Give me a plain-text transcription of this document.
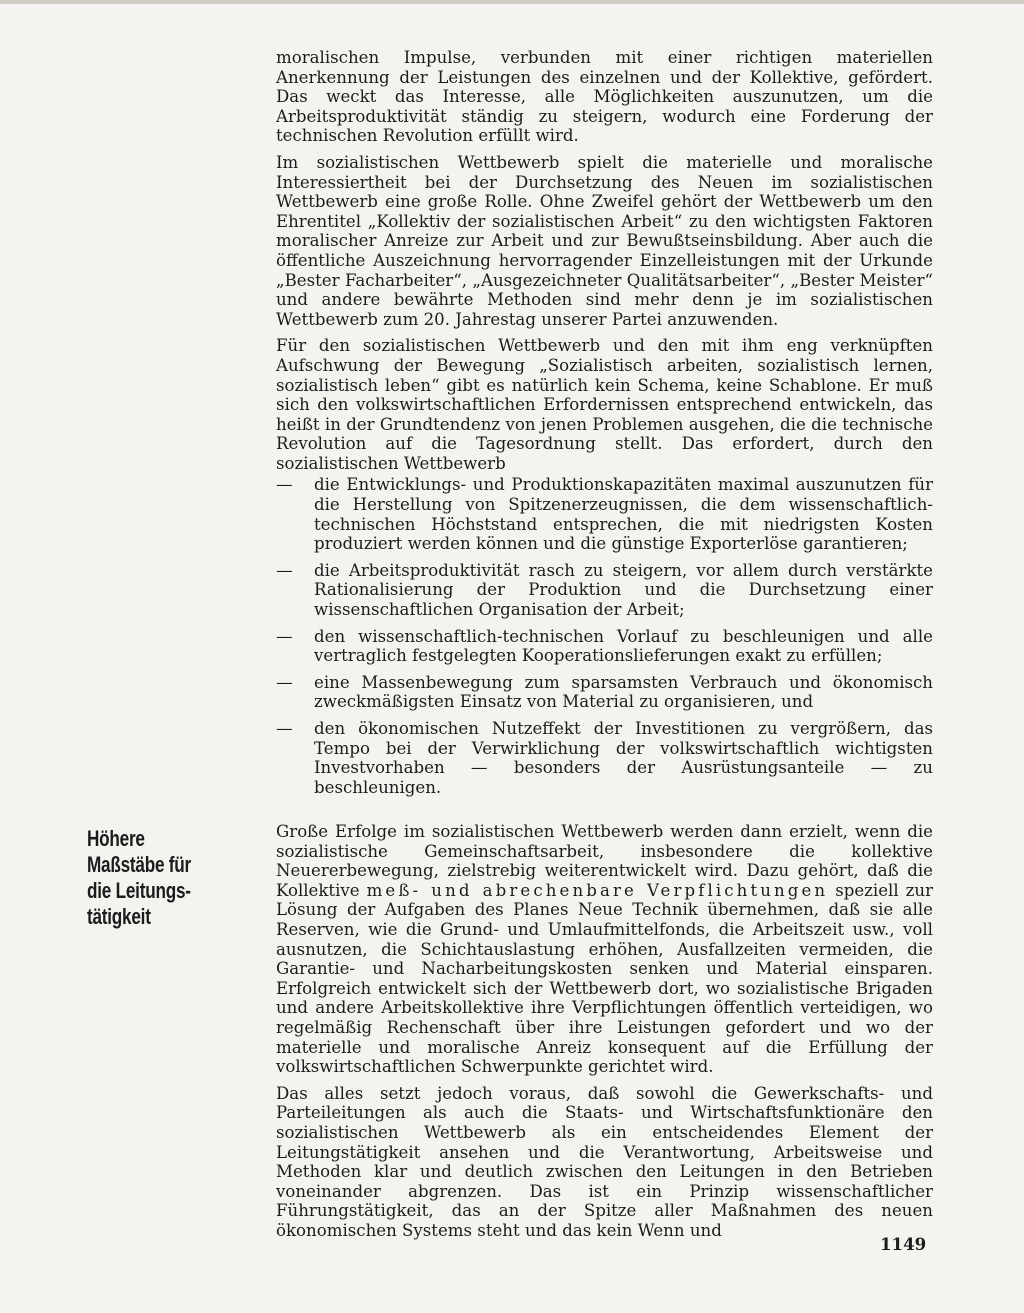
moralischen Impulse, verbunden mit einer richtigen materiellen Anerkennung der Leistungen des einzelnen und der Kollektive, gefördert. Das weckt das Interesse, alle Möglichkeiten auszunutzen, um die Arbeitsproduktivität ständig zu steigern, wodurch eine Forderung der technischen Revolution erfüllt wird.

Im sozialistischen Wettbewerb spielt die materielle und moralische Interessiertheit bei der Durchsetzung des Neuen im sozialistischen Wettbewerb eine große Rolle. Ohne Zweifel gehört der Wettbewerb um den Ehrentitel „Kollektiv der sozialistischen Arbeit“ zu den wichtigsten Faktoren moralischer Anreize zur Arbeit und zur Bewußtseinsbildung. Aber auch die öffentliche Auszeichnung hervorragender Einzelleistungen mit der Urkunde „Bester Facharbeiter“, „Ausgezeichneter Qualitätsarbeiter“, „Bester Meister“ und andere bewährte Methoden sind mehr denn je im sozialistischen Wettbewerb zum 20. Jahrestag unserer Partei anzuwenden.

Für den sozialistischen Wettbewerb und den mit ihm eng verknüpften Aufschwung der Bewegung „Sozialistisch arbeiten, sozialistisch lernen, sozialistisch leben“ gibt es natürlich kein Schema, keine Schablone. Er muß sich den volkswirtschaftlichen Erfordernissen entsprechend entwickeln, das heißt in der Grundtendenz von jenen Problemen ausgehen, die die technische Revolution auf die Tagesordnung stellt. Das erfordert, durch den sozialistischen Wettbewerb

—	die Entwicklungs- und Produktionskapazitäten maximal auszunutzen für die Herstellung von Spitzenerzeugnissen, die dem wissenschaftlich-technischen Höchststand entsprechen, die mit niedrigsten Kosten produziert werden können und die günstige Exporterlöse garantieren;
—	die Arbeitsproduktivität rasch zu steigern, vor allem durch verstärkte Rationalisierung der Produktion und die Durchsetzung einer wissenschaftlichen Organisation der Arbeit;
—	den wissenschaftlich-technischen Vorlauf zu beschleunigen und alle vertraglich festgelegten Kooperationslieferungen exakt zu erfüllen;
—	eine Massenbewegung zum sparsamsten Verbrauch und ökonomisch zweckmäßigsten Einsatz von Material zu organisieren, und
—	den ökonomischen Nutzeffekt der Investitionen zu vergrößern, das Tempo bei der Verwirklichung der volkswirtschaftlich wichtigsten Investvorhaben — besonders der Ausrüstungsanteile — zu beschleunigen.
Höhere
Maßstäbe für
die Leitungs-
tätigkeit

Große Erfolge im sozialistischen Wettbewerb werden dann erzielt, wenn die sozialistische Gemeinschaftsarbeit, insbesondere die kollektive Neuererbewegung, zielstrebig weiterentwickelt wird. Dazu gehört, daß die Kollektive meß- und abrechenbare Verpflichtungen speziell zur Lösung der Aufgaben des Planes Neue Technik übernehmen, daß sie alle Reserven, wie die Grund- und Umlaufmittelfonds, die Arbeitszeit usw., voll ausnutzen, die Schichtauslastung erhöhen, Ausfallzeiten vermeiden, die Garantie- und Nacharbeitungskosten senken und Material einsparen. Erfolgreich entwickelt sich der Wettbewerb dort, wo sozialistische Brigaden und andere Arbeitskollektive ihre Verpflichtungen öffentlich verteidigen, wo regelmäßig Rechenschaft über ihre Leistungen gefordert und wo der materielle und moralische Anreiz konsequent auf die Erfüllung der volkswirtschaftlichen Schwerpunkte gerichtet wird.

Das alles setzt jedoch voraus, daß sowohl die Gewerkschafts- und Parteileitungen als auch die Staats- und Wirtschaftsfunktionäre den sozialistischen Wettbewerb als ein entscheidendes Element der Leitungstätigkeit ansehen und die Verantwortung, Arbeitsweise und Methoden klar und deutlich zwischen den Leitungen in den Betrieben voneinander abgrenzen. Das ist ein Prinzip wissenschaftlicher Führungstätigkeit, das an der Spitze aller Maßnahmen des neuen ökonomischen Systems steht und das kein Wenn und

1149
